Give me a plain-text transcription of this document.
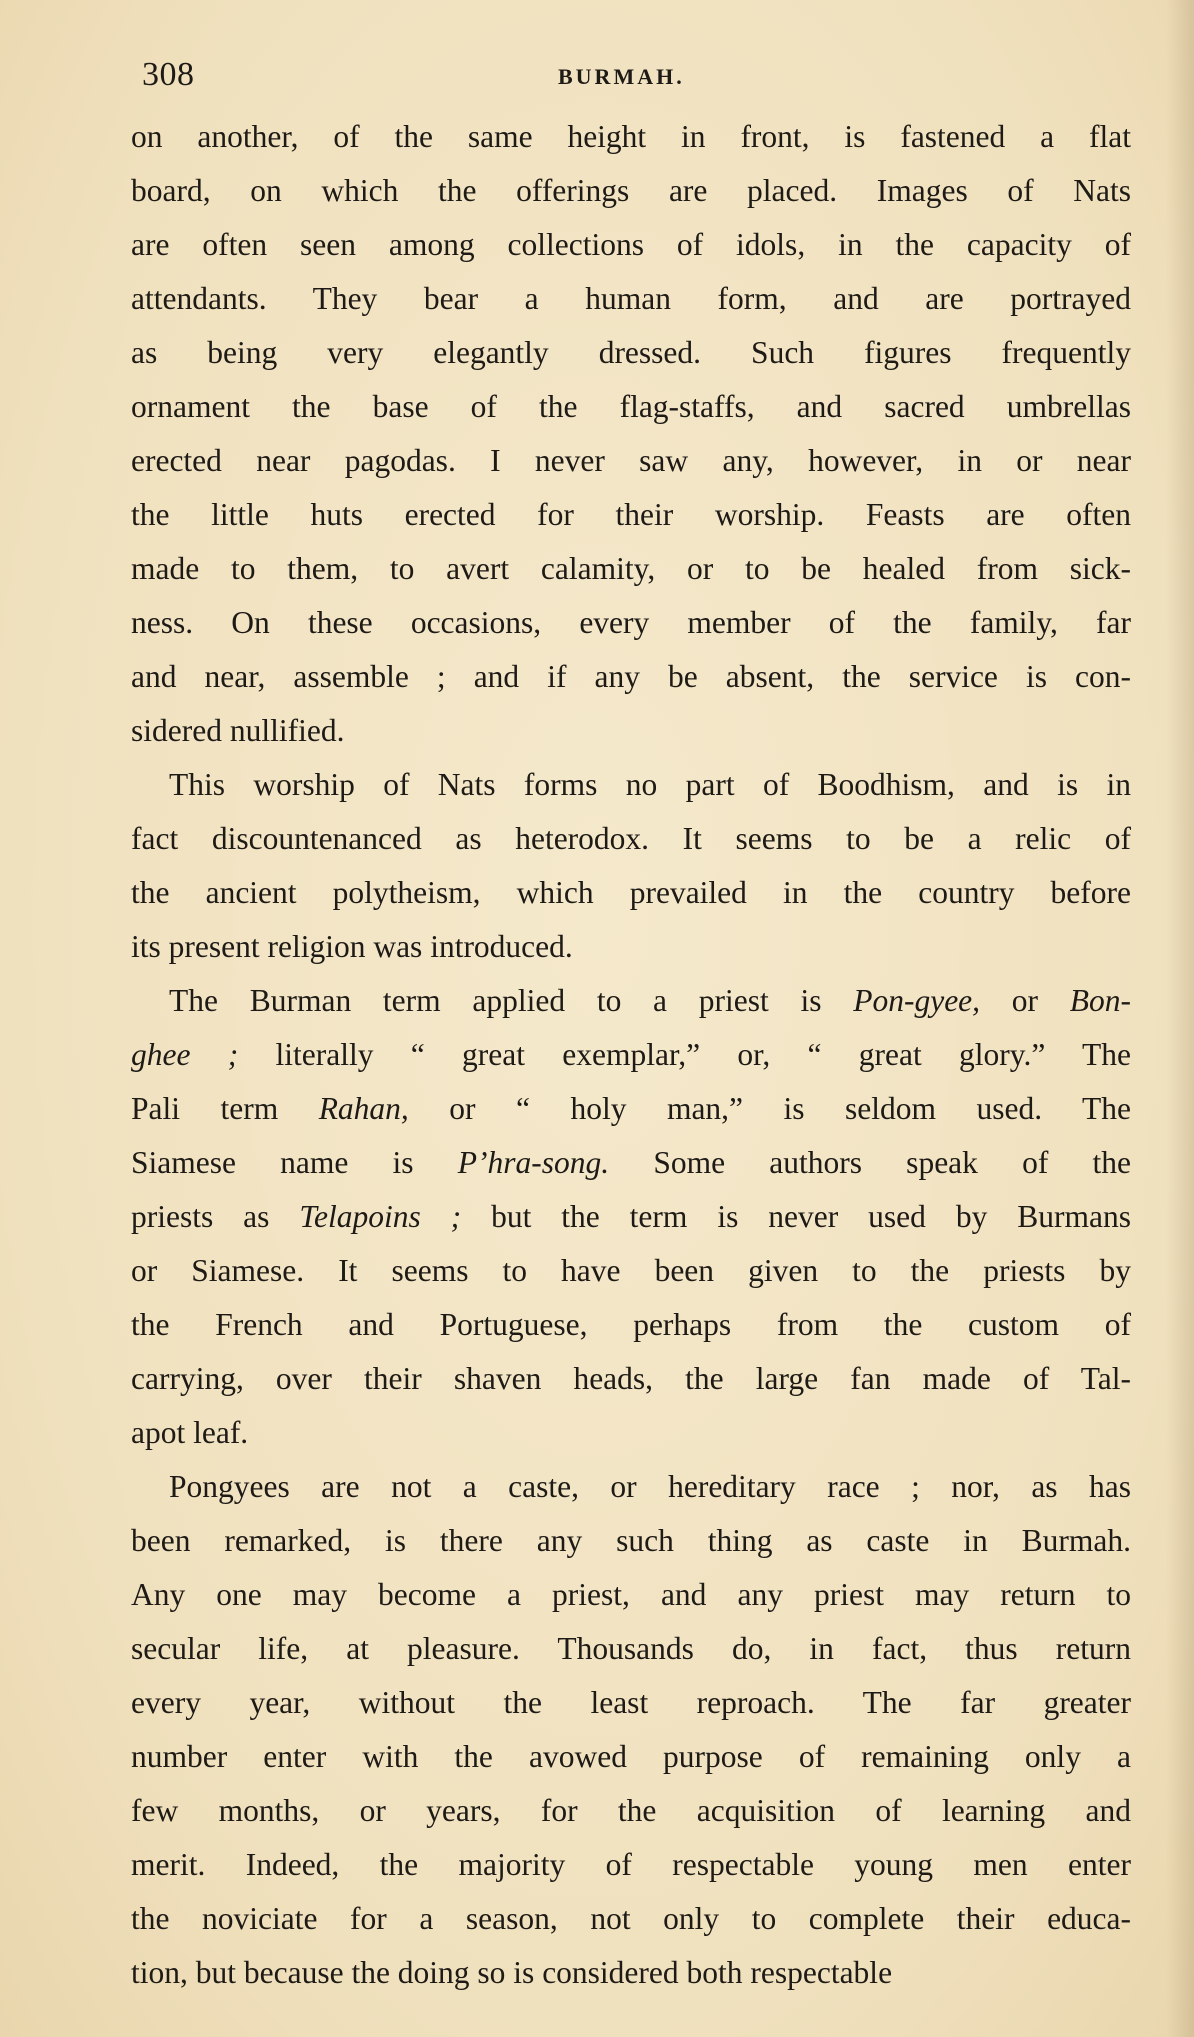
308	BURMAH.
on another, of the same height in front, is fastened a flat
board, on which the offerings are placed. Images of Nats
are often seen among collections of idols, in the capacity of
attendants. They bear a human form, and are portrayed
as being very elegantly dressed. Such figures frequently
ornament the base of the flag-staffs, and sacred umbrellas
erected near pagodas. I never saw any, however, in or near
the little huts erected for their worship. Feasts are often
made to them, to avert calamity, or to be healed from sick-
ness. On these occasions, every member of the family, far
and near, assemble ; and if any be absent, the service is con-
sidered nullified.
This worship of Nats forms no part of Boodhism, and is in
fact discountenanced as heterodox. It seems to be a relic of
the ancient polytheism, which prevailed in the country before
its present religion was introduced.
The Burman term applied to a priest is Pon-gyee, or Bon-
ghee ; literally “ great exemplar,” or, “ great glory.” The
Pali term Rahan, or “ holy man,” is seldom used. The
Siamese name is P’hra-song. Some authors speak of the
priests as Telapoins ; but the term is never used by Burmans
or Siamese. It seems to have been given to the priests by
the French and Portuguese, perhaps from the custom of
carrying, over their shaven heads, the large fan made of Tal-
apot leaf.
Pongyees are not a caste, or hereditary race ; nor, as has
been remarked, is there any such thing as caste in Burmah.
Any one may become a priest, and any priest may return to
secular life, at pleasure. Thousands do, in fact, thus return
every year, without the least reproach. The far greater
number enter with the avowed purpose of remaining only a
few months, or years, for the acquisition of learning and
merit. Indeed, the majority of respectable young men enter
the noviciate for a season, not only to complete their educa-
tion, but because the doing so is considered both respectable
